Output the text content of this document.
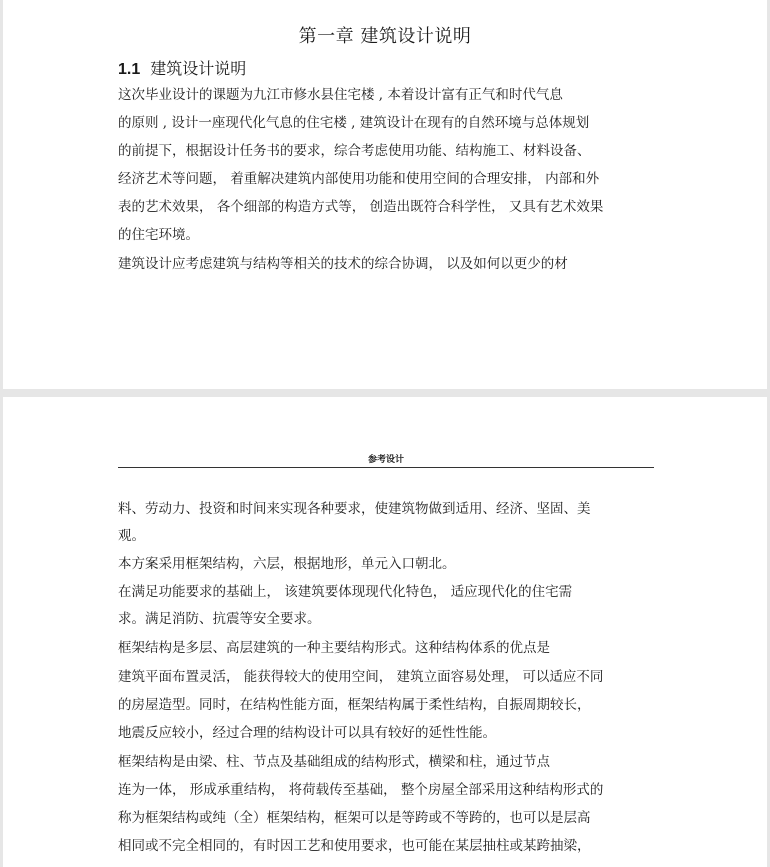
第一章 建筑设计说明
1.1 建筑设计说明
这次毕业设计的课题为九江市修水县住宅楼 , 本着设计富有正气和时代气息
的原则 , 设计一座现代化气息的住宅楼 , 建筑设计在现有的自然环境与总体规划
的前提下，根据设计任务书的要求，综合考虑使用功能、结构施工、材料设备、
经济艺术等问题， 着重解决建筑内部使用功能和使用空间的合理安排， 内部和外
表的艺术效果， 各个细部的构造方式等， 创造出既符合科学性， 又具有艺术效果
的住宅环境。
建筑设计应考虑建筑与结构等相关的技术的综合协调， 以及如何以更少的材
参考设计
料、劳动力、投资和时间来实现各种要求，使建筑物做到适用、经济、坚固、美
观。
本方案采用框架结构，六层，根据地形，单元入口朝北。
在满足功能要求的基础上， 该建筑要体现现代化特色， 适应现代化的住宅需
求。满足消防、抗震等安全要求。
框架结构是多层、高层建筑的一种主要结构形式。这种结构体系的优点是
建筑平面布置灵活， 能获得较大的使用空间， 建筑立面容易处理， 可以适应不同
的房屋造型。同时，在结构性能方面，框架结构属于柔性结构，自振周期较长，
地震反应较小，经过合理的结构设计可以具有较好的延性性能。
框架结构是由梁、柱、节点及基础组成的结构形式，横梁和柱，通过节点
连为一体， 形成承重结构， 将荷载传至基础， 整个房屋全部采用这种结构形式的
称为框架结构或纯（全）框架结构，框架可以是等跨或不等跨的，也可以是层高
相同或不完全相同的，有时因工艺和使用要求，也可能在某层抽柱或某跨抽梁，
